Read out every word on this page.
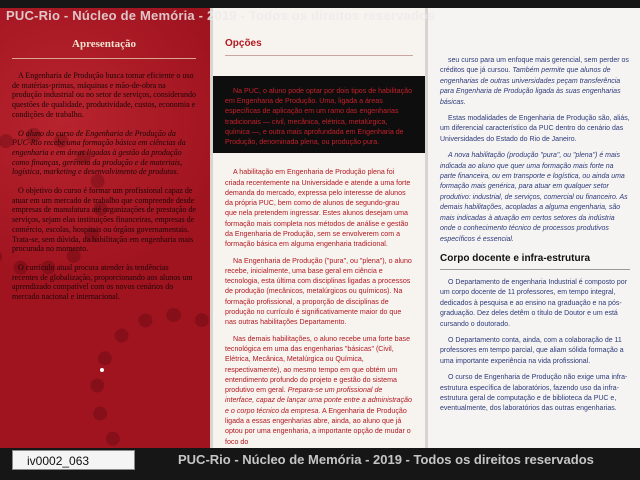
Apresentação

A Engenharia de Produção busca tornar eficiente o uso de matérias-primas, máquinas e mão-de-obra na produção industrial ou no setor de serviços, considerando questões de qualidade, produtividade, custos, economia e condições de trabalho.

O aluno do curso de Engenharia de Produção da PUC-Rio recebe uma formação básica em ciências da engenharia e em áreas ligadas à gestão da produção como finanças, gerência da produção e de materiais, logística, marketing e desenvolvimento de produtos.

O objetivo do curso é formar um profissional capaz de atuar em um mercado de trabalho que compreende desde empresas de manufatura até organizações de prestação de serviços, sejam elas instituições financeiras, empresas de comércio, escolas, hospitais ou órgãos governamentais. Trata-se, sem dúvida, da habilitação em engenharia mais procurada no momento.

O currículo atual procura atender às tendências recentes de globalização, proporcionando aos alunos um aprendizado compatível com os novos cenários do mercado nacional e internacional.

Opções

Na PUC, o aluno pode optar por dois tipos de habilitação em Engenharia de Produção. Uma, ligada a áreas específicas de aplicação em um ramo das engenharias tradicionais — civil, mecânica, elétrica, metalúrgica, química —, e outra mais aprofundada em Engenharia de Produção, denominada plena, ou produção pura.

A habilitação em Engenharia de Produção plena foi criada recentemente na Universidade e atende a uma forte demanda do mercado, expressa pelo interesse de alunos da própria PUC, bem como de alunos de segundo-grau que nela pretendem ingressar. Estes alunos desejam uma formação mais completa nos métodos de análise e gestão da Engenharia de Produção, sem se envolverem com a formação básica em alguma engenharia tradicional.

Na Engenharia de Produção ("pura", ou "plena"), o aluno recebe, inicialmente, uma base geral em ciência e tecnologia, esta última com disciplinas ligadas a processos de produção (mecânicos, metalúrgicos ou químicos). Na formação profissional, a proporção de disciplinas de produção no currículo é significativamente maior do que nas outras habilitações Departamento.

Nas demais habilitações, o aluno recebe uma forte base tecnológica em uma das engenharias "básicas" (Civil, Elétrica, Mecânica, Metalúrgica ou Química, respectivamente), ao mesmo tempo em que obtém um entendimento profundo do projeto e gestão do sistema produtivo em geral. Prepara-se um profissional de interface, capaz de lançar uma ponte entre a administração e o corpo técnico da empresa. A Engenharia de Produção ligada a essas engenharias abre, ainda, ao aluno que já optou por uma engenharia, a importante opção de mudar o foco do

seu curso para um enfoque mais gerencial, sem perder os créditos que já cursou. Também permite que alunos de engenharias de outras universidades peçam transferência para Engenharia de Produção ligada às suas engenharias básicas.

Estas modalidades de Engenharia de Produção são, aliás, um diferencial característico da PUC dentro do cenário das Universidades do Estado do Rio de Janeiro.

A nova habilitação (produção "pura", ou "plena") é mais indicada ao aluno que quer uma formação mais forte na parte financeira, ou em transporte e logística, ou ainda uma formação mais genérica, para atuar em qualquer setor produtivo: industrial, de serviços, comercial ou financeiro. As demais habilitações, acopladas a alguma engenharia, são mais indicadas à atuação em certos setores da indústria onde o conhecimento técnico de processos produtivos específicos é essencial.

Corpo docente e infra-estrutura

O Departamento de engenharia Industrial é composto por um corpo docente de 11 professores, em tempo integral, dedicados à pesquisa e ao ensino na graduação e na pós-graduação. Dez deles detêm o título de Doutor e um está cursando o doutorado.

O Departamento conta, ainda, com a colaboração de 11 professores em tempo parcial, que aliam sólida formação a uma importante experiência na vida profissional.

O curso de Engenharia de Produção não exige uma infra-estrutura específica de laboratórios, fazendo uso da infra-estrutura geral de computação e de biblioteca da PUC e, eventualmente, dos laboratórios das outras engenharias.

PUC-Rio - Núcleo de Memória - 2019 - Todos os direitos reservados
PUC-Rio - Núcleo de Memória - 2019 - Todos os direitos reservados
iv0002_063
